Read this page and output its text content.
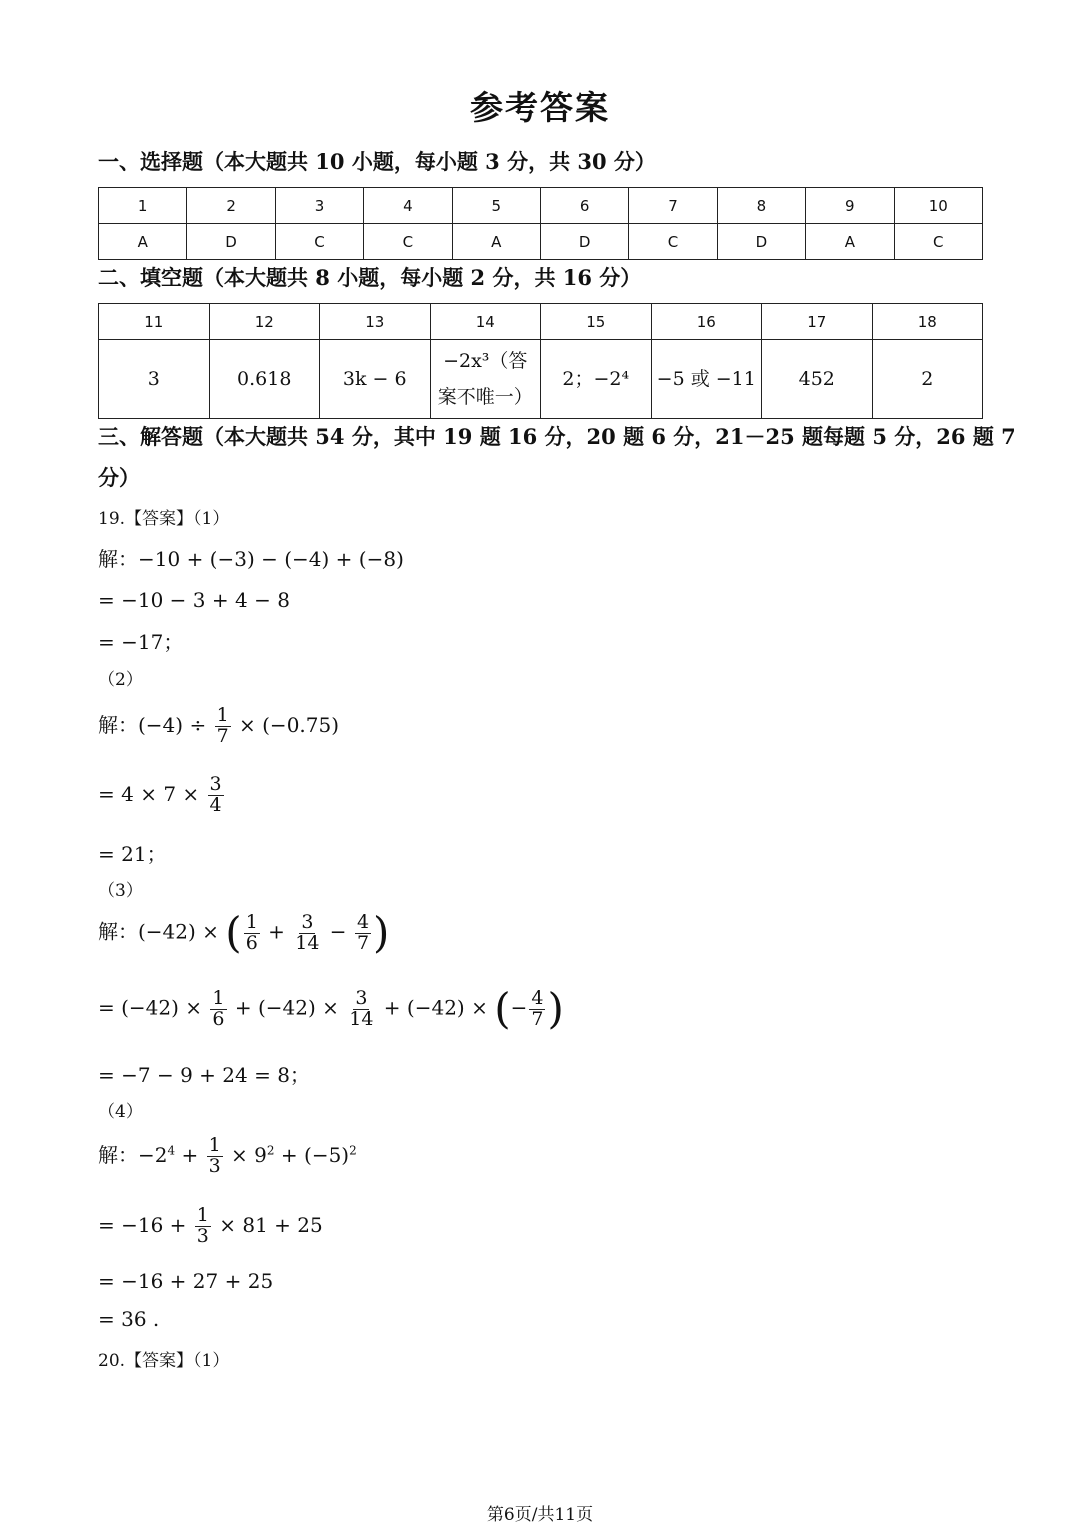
参考答案
一、选择题（本大题共 10 小题，每小题 3 分，共 30 分）
1	2	3	4	5	6	7	8	9	10
A	D	C	C	A	D	C	D	A	C
二、填空题（本大题共 8 小题，每小题 2 分，共 16 分）
11	12	13	14	15	16	17	18
3	0.618	3k − 6	−2x³（答案不唯一）	2；−2⁴	−5 或 −11	452	2
三、解答题（本大题共 54 分，其中 19 题 16 分，20 题 6 分，21－25 题每题 5 分，26 题 7
分）
19.【答案】（1）
解：−10 + (−3) − (−4) + (−8)
= −10 − 3 + 4 − 8
= −17；
（2）
解：$(-4) \div \frac{1}{7} \times (-0.75)$
= $4 \times 7 \times \frac{3}{4}$
= 21；
（3）
解：(−42) × ( $\frac{1}{6} + \frac{3}{14} - \frac{4}{7}$ )
= $(-42) \times \frac{1}{6} + (-42) \times \frac{3}{14} + (-42)$ × (− $\frac{4}{7}$ )
= −7 − 9 + 24 = 8；
（4）
解：$-2^4 + \frac{1}{3} \times 9^2 + (-5)^2$
= $-16 + \frac{1}{3} \times 81 + 25$
= −16 + 27 + 25
= 36 .
20.【答案】（1）
第6页/共11页
